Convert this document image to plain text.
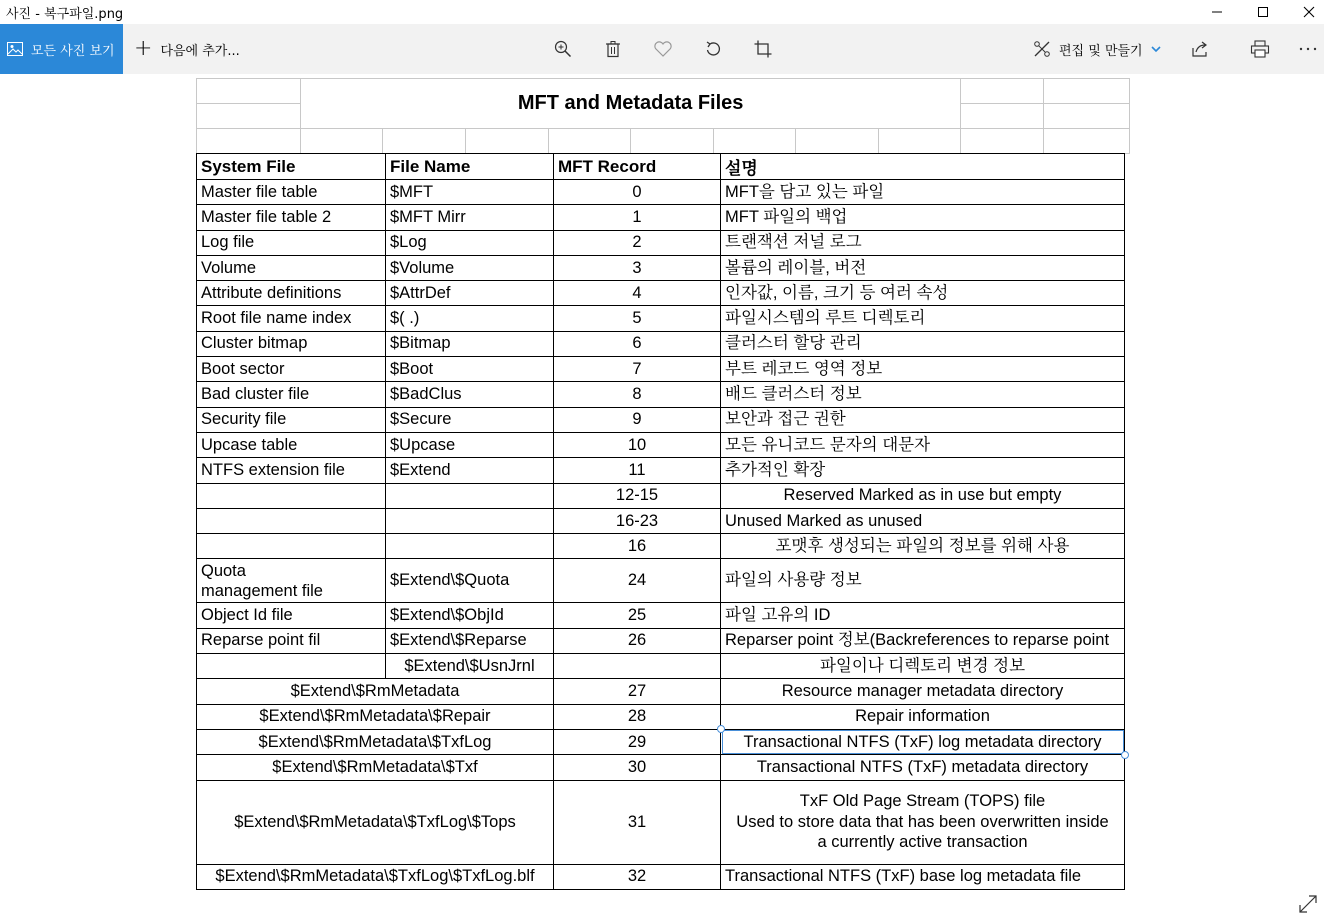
사진 - 복구파일.png
모든 사진 보기 + 다음에 추가...	편집 및 만들기
	MFT and Metadata Files									

System File	File Name	MFT Record	설명
Master file table	$MFT	0	MFT을 담고 있는 파일
Master file table 2	$MFT Mirr	1	MFT 파일의 백업
Log file	$Log	2	트랜잭션 저널 로그
Volume	$Volume	3	볼륨의 레이블, 버전
Attribute definitions	$AttrDef	4	인자값, 이름, 크기 등 여러 속성
Root file name index	$( .)	5	파일시스템의 루트 디렉토리
Cluster bitmap	$Bitmap	6	클러스터 할당 관리
Boot sector	$Boot	7	부트 레코드 영역 정보
Bad cluster file	$BadClus	8	배드 클러스터 정보
Security file	$Secure	9	보안과 접근 권한
Upcase table	$Upcase	10	모든 유니코드 문자의 대문자
NTFS extension file	$Extend	11	추가적인 확장
		12-15	Reserved Marked as in use but empty
		16-23	Unused Marked as unused
		16	포맷후 생성되는 파일의 정보를 위해 사용
Quota
management file	$Extend\$Quota	24	파일의 사용량 정보
Object Id file	$Extend\$ObjId	25	파일 고유의 ID
Reparse point fil	$Extend\$Reparse	26	Reparser point 정보(Backreferences to reparse point
	$Extend\$UsnJrnl		파일이나 디렉토리 변경 정보
$Extend\$RmMetadata		27	Resource manager metadata directory
$Extend\$RmMetadata\$Repair		28	Repair information
$Extend\$RmMetadata\$TxfLog		29	Transactional NTFS (TxF) log metadata directory
$Extend\$RmMetadata\$Txf		30	Transactional NTFS (TxF) metadata directory
$Extend\$RmMetadata\$TxfLog\$Tops		31	TxF Old Page Stream (TOPS) file
Used to store data that has been overwritten inside
a currently active transaction
$Extend\$RmMetadata\$TxfLog\$TxfLog.blf		32	Transactional NTFS (TxF) base log metadata file
